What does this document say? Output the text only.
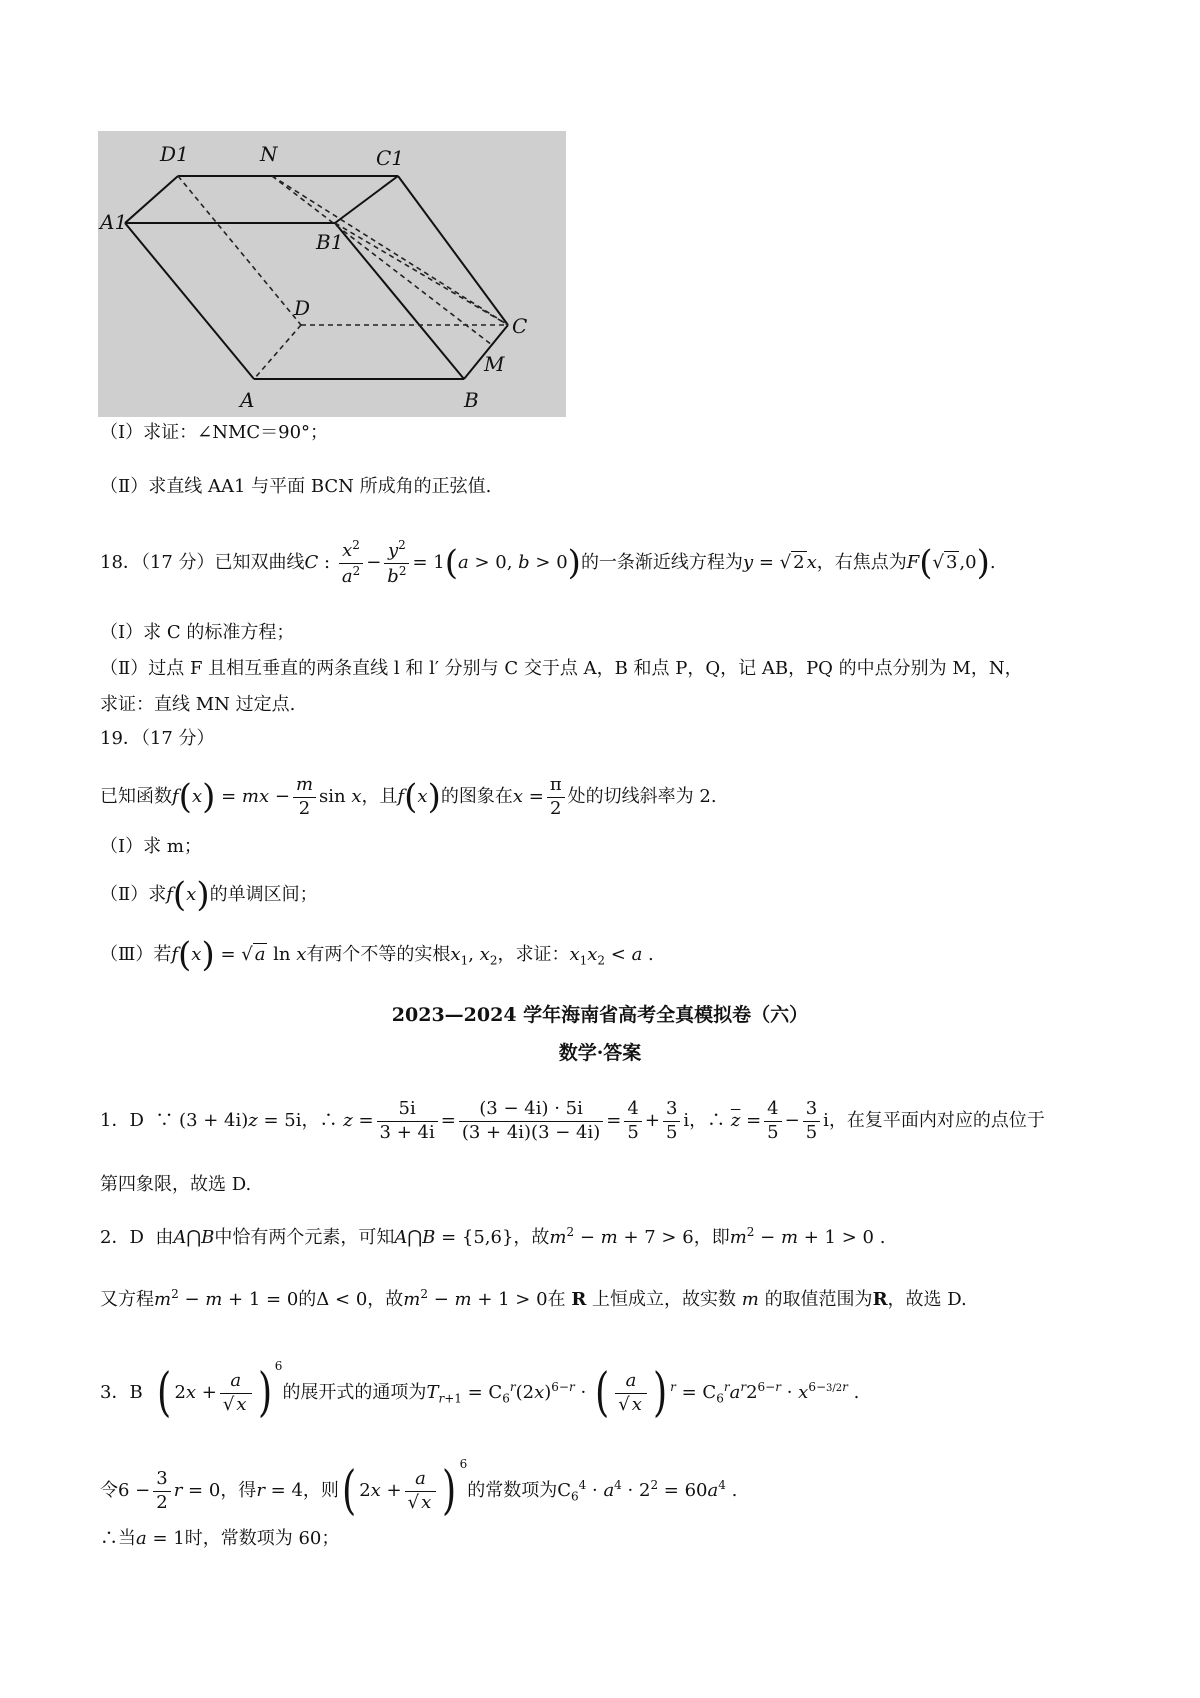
D1	N	C1
A1
B1
D
C
M
A	B
（Ⅰ）求证：∠NMC＝90°；
（Ⅱ）求直线 AA1 与平面 BCN 所成角的正弦值.
18．（17 分）已知双曲线C : $\frac{x^2}{a^2} - \frac{y^2}{b^2} = 1(a > 0$, b > 0)的一条渐近线方程为y = √ 2 x，右焦点为F(√ 3 ,0).
（Ⅰ）求 C 的标准方程；
（Ⅱ）过点 F 且相互垂直的两条直线 l 和 l′ 分别与 C 交于点 A，B 和点 P，Q，记 AB，PQ 的中点分别为 M，N，
求证：直线 MN 过定点.
19．（17 分）
已知函数f(x) = mx − $\frac{m}{2}$ sin x，且f(x)的图象在$x = \frac{\pi}{2}$ 处的切线斜率为 2.
（Ⅰ）求 m；
（Ⅱ）求f(x)的单调区间；
（Ⅲ）若f(x) = √ a ln x有两个不等的实根$x_1$, $x_2$，求证：$x_1x_2 < a$ .
2023—2024 学年海南省高考全真模拟卷（六）
数学·答案
1．D  ∵ (3 + 4i)z = 5i，∴ $z = \frac{5i}{3 + 4i} = \frac{(3 - 4i) \cdot 5i}{(3 + 4i)(3 - 4i)} = \frac{4}{5} + \frac{3}{5}$ i，∴ $\overline{z} = \frac{4}{5} - \frac{3}{5}$ i，在复平面内对应的点位于
第四象限，故选 D.
2．D 由A⋂B中恰有两个元素，可知A⋂B = {5,6}，故$m^2 - m + 7 > 6$，即$m^2 - m + 1 > 0$ .
又方程$m^2 - m + 1 = 0$的Δ < 0，故$m^2 - m + 1 > 0$在 R 上恒成立，故实数 m 的取值范围为R，故选 D.
3．B ( $2x + \frac{a}{√ x}$ ) $^6$的展开式的通项为$T_{r+1} = C_6^r(2x)^{6-r}$ · ( $\frac{a}{√ x}$ ) $^r = C_6^ra^r2^{6-r} \cdot x^{6-3/2r}$ .
令$6 - \frac{3}{2}$ r = 0，得r = 4，则( $2x + \frac{a}{√ x}$ ) $^6$的常数项为$C_6^4 \cdot a^4 \cdot 2^2 = 60a^4$ .
∴当a = 1时，常数项为 60；
